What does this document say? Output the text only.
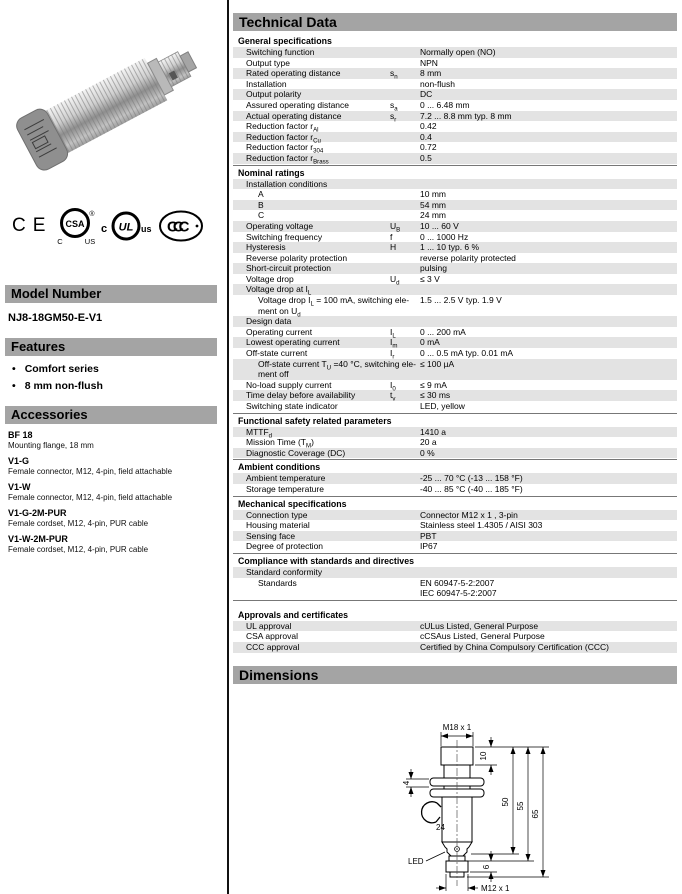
CE CSA
®
C	US
c UL us CCC
Model Number
NJ8-18GM50-E-V1
Features
• Comfort series
• 8 mm non-flush
Accessories
BF 18
Mounting flange, 18 mm
V1-G
Female connector, M12, 4-pin, field attachable
V1-W
Female connector, M12, 4-pin, field attachable
V1-G-2M-PUR
Female cordset, M12, 4-pin, PUR cable
V1-W-2M-PUR
Female cordset, M12, 4-pin, PUR cable
Technical Data
General specifications
Switching function	Normally open (NO)
Output type	NPN
Rated operating distance	$s_n$	8 mm
Installation	non-flush
Output polarity	DC
Assured operating distance	$s_a$	0 ... 6.48 mm
Actual operating distance	$s_r$	7.2 ... 8.8 mm typ. 8 mm
Reduction factor $r_{Al}$	0.42
Reduction factor $r_{Cu}$	0.4
Reduction factor $r_{304}$	0.72
Reduction factor $r_{Brass}$	0.5
Nominal ratings
Installation conditions
A	10 mm
B	54 mm
C	24 mm
Operating voltage	$U_B$	10 ... 60 V
Switching frequency	f	0 ... 1000 Hz
Hysteresis	H	1 ... 10 typ. 6 %
Reverse polarity protection	reverse polarity protected
Short-circuit protection	pulsing
Voltage drop	$U_d$	≤ 3 V
Voltage drop at $I_L$
Voltage drop $I_L = 100$ mA, switching ele-
ment on $U_d$
1.5 ... 2.5 V typ. 1.9 V
Design data
Operating current	$I_L$	0 ... 200 mA
Lowest operating current	$I_m$	0 mA
Off-state current	$I_r$	0 ... 0.5 mA typ. 0.01 mA
Off-state current $T_U =40$ °C, switching ele-
ment off
≤ 100 µA
No-load supply current	$I_0$	≤ 9 mA
Time delay before availability	$t_v$	≤ 30 ms
Switching state indicator	LED, yellow
Functional safety related parameters
$MTTF_d$	1410 a
Mission Time $(T_M)$	20 a
Diagnostic Coverage (DC)	0 %
Ambient conditions
Ambient temperature	-25 ... 70 °C (-13 ... 158 °F)
Storage temperature	-40 ... 85 °C (-40 ... 185 °F)
Mechanical specifications
Connection type	Connector M12 x 1 , 3-pin
Housing material	Stainless steel 1.4305 / AISI 303
Sensing face	PBT
Degree of protection	IP67
Compliance with standards and directives
Standard conformity
Standards	EN 60947-5-2:2007
IEC 60947-5-2:2007
Approvals and certificates
UL approval	cULus Listed, General Purpose
CSA approval	cCSAus Listed, General Purpose
CCC approval	Certified by China Compulsory Certification (CCC)
Dimensions
M18 x 1
10
50 55
65
4
24
LED
6
M12 x 1
